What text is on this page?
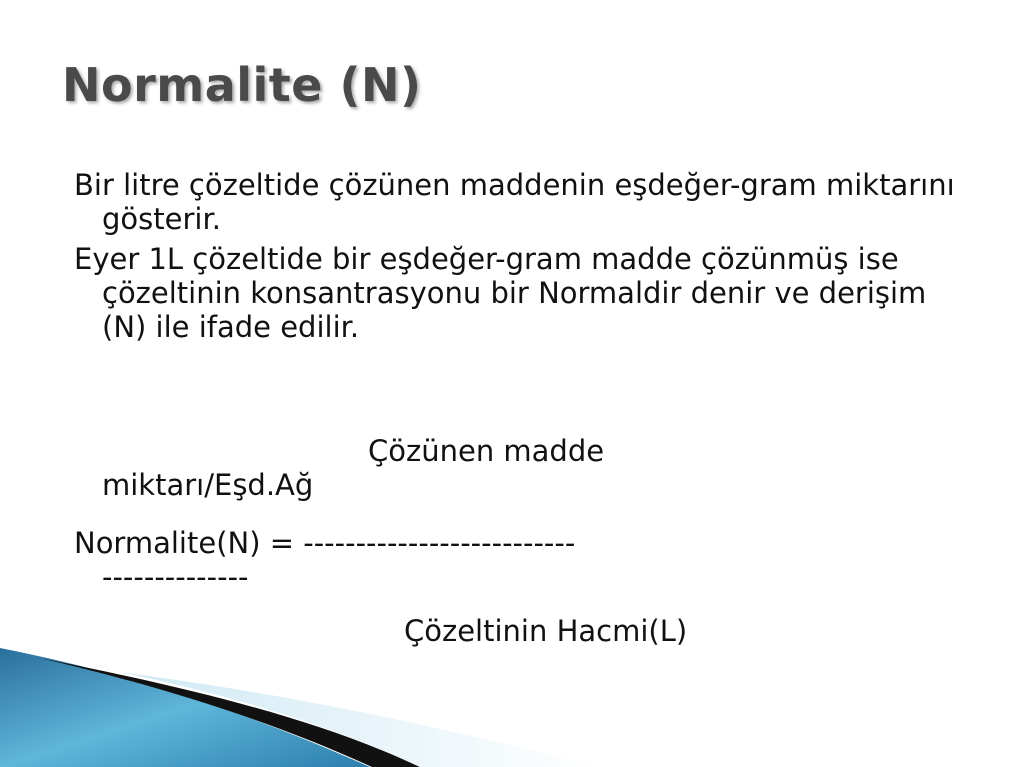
Normalite (N)

Bir litre çözeltide çözünen maddenin eşdeğer-gram miktarını gösterir.

Eyer 1L çözeltide bir eşdeğer-gram madde çözünmüş ise çözeltinin konsantrasyonu bir Normaldir denir ve derişim (N) ile ifade edilir.

Çözünen madde
miktarı/Eşd.Ağ
Normalite(N) = --------------------------
--------------
Çözeltinin Hacmi(L)
